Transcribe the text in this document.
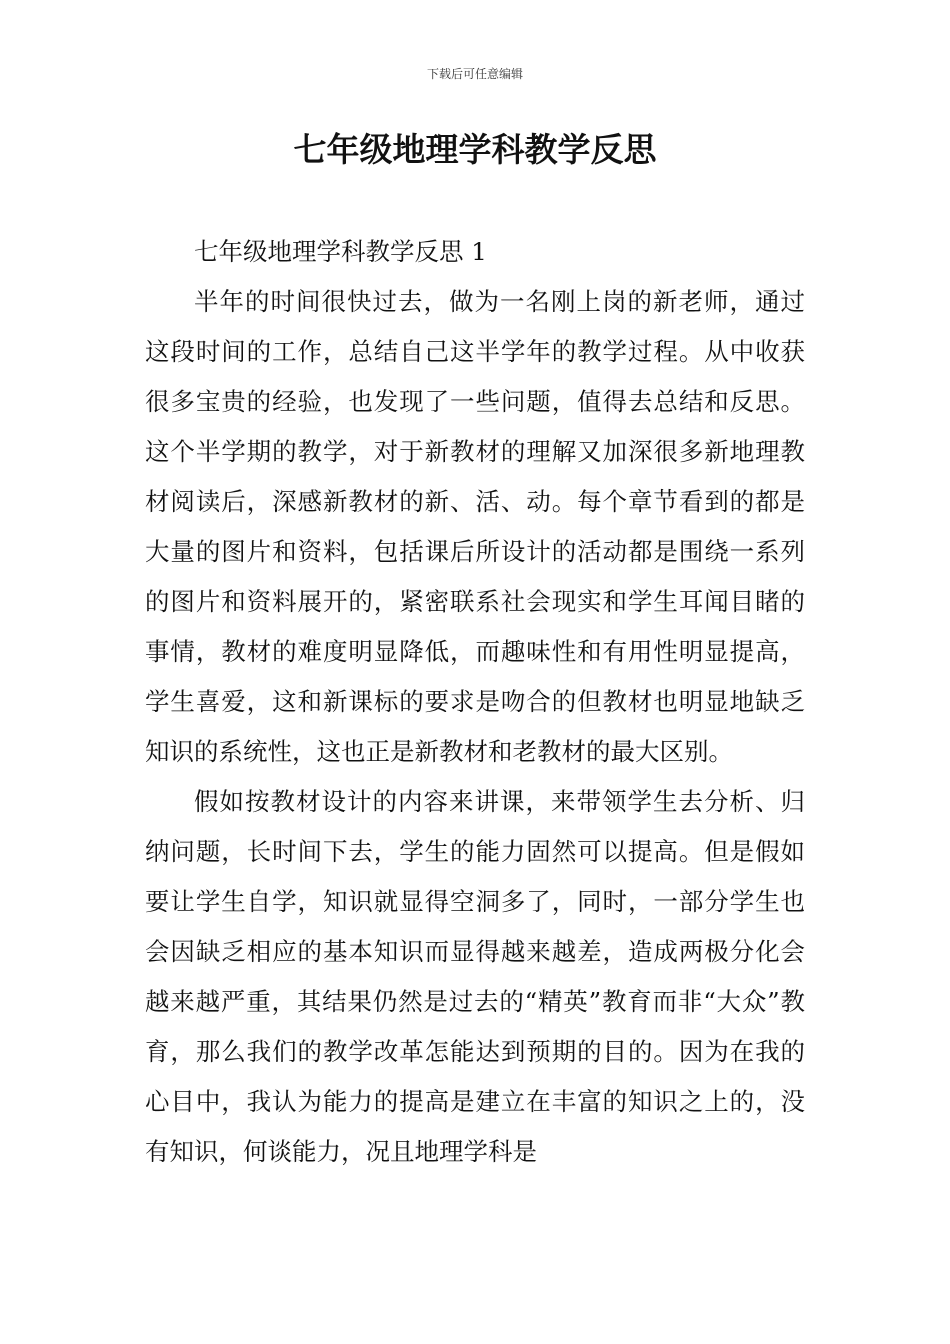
下载后可任意编辑
七年级地理学科教学反思

七年级地理学科教学反思 1

半年的时间很快过去，做为一名刚上岗的新老师，通过这段时间的工作，总结自己这半学年的教学过程。从中收获很多宝贵的经验，也发现了一些问题，值得去总结和反思。这个半学期的教学，对于新教材的理解又加深很多新地理教材阅读后，深感新教材的新、活、动。每个章节看到的都是大量的图片和资料，包括课后所设计的活动都是围绕一系列的图片和资料展开的，紧密联系社会现实和学生耳闻目睹的事情，教材的难度明显降低，而趣味性和有用性明显提高，学生喜爱，这和新课标的要求是吻合的但教材也明显地缺乏知识的系统性，这也正是新教材和老教材的最大区别。

假如按教材设计的内容来讲课，来带领学生去分析、归纳问题，长时间下去，学生的能力固然可以提高。但是假如要让学生自学，知识就显得空洞多了，同时，一部分学生也会因缺乏相应的基本知识而显得越来越差，造成两极分化会越来越严重，其结果仍然是过去的“精英”教育而非“大众”教育，那么我们的教学改革怎能达到预期的目的。因为在我的心目中，我认为能力的提高是建立在丰富的知识之上的，没有知识，何谈能力，况且地理学科是
